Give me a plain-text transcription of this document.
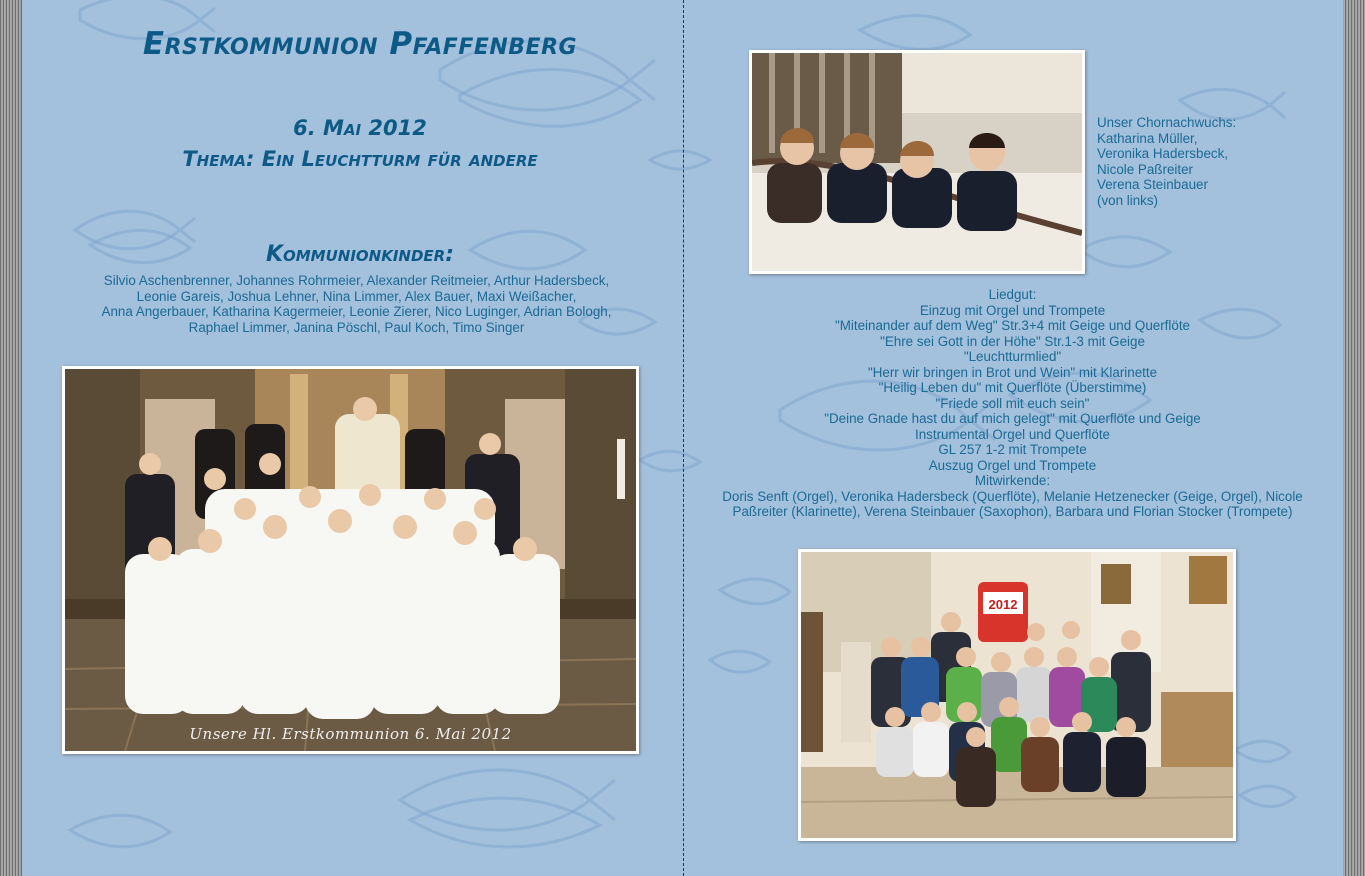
Erstkommunion Pfaffenberg
6. Mai 2012
Thema: Ein Leuchtturm für andere
Kommunionkinder:
Silvio Aschenbrenner, Johannes Rohrmeier, Alexander Reitmeier, Arthur Hadersbeck,
Leonie Gareis, Joshua Lehner, Nina Limmer, Alex Bauer, Maxi Weißacher,
Anna Angerbauer, Katharina Kagermeier, Leonie Zierer, Nico Luginger, Adrian Bologh,
Raphael Limmer, Janina Pöschl, Paul Koch, Timo Singer
Unsere Hl. Erstkommunion 6. Mai 2012
Unser Chornachwuchs:
Katharina Müller,
Veronika Hadersbeck,
Nicole Paßreiter
Verena Steinbauer
(von links)
Liedgut:
Einzug mit Orgel und Trompete
"Miteinander auf dem Weg" Str.3+4 mit Geige und Querflöte
"Ehre sei Gott in der Höhe" Str.1-3 mit Geige
"Leuchtturmlied"
"Herr wir bringen in Brot und Wein" mit Klarinette
"Heilig Leben du" mit Querflöte (Überstimme)
"Friede soll mit euch sein"
"Deine Gnade hast du auf mich gelegt" mit Querflöte und Geige
Instrumental Orgel und Querflöte
GL 257 1-2 mit Trompete
Auszug Orgel und Trompete
Mitwirkende:
Doris Senft (Orgel), Veronika Hadersbeck (Querflöte), Melanie Hetzenecker (Geige, Orgel), Nicole Paßreiter (Klarinette), Verena Steinbauer (Saxophon), Barbara und Florian Stocker (Trompete)
2012
